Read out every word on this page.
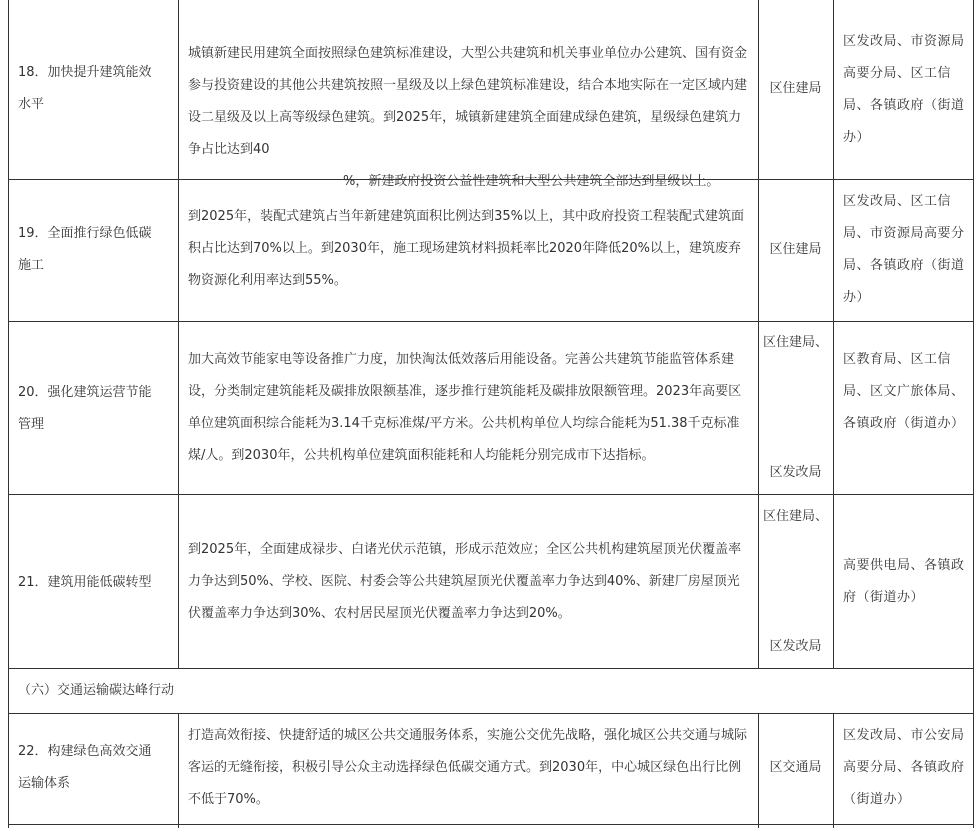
18．加快提升建筑能效水平

城镇新建民用建筑全面按照绿色建筑标准建设，大型公共建筑和机关事业单位办公建筑、国有资金参与投资建设的其他公共建筑按照一星级及以上绿色建筑标准建设，结合本地实际在一定区域内建设二星级及以上高等级绿色建筑。到2025年，城镇新建建筑全面建成绿色建筑，星级绿色建筑力争占比达到40

%，新建政府投资公益性建筑和大型公共建筑全部达到星级以上。

区住建局
区发改局、市资源局高要分局、区工信局、各镇政府（街道办）
19．全面推行绿色低碳施工
到2025年，装配式建筑占当年新建建筑面积比例达到35%以上，其中政府投资工程装配式建筑面积占比达到70%以上。到2030年，施工现场建筑材料损耗率比2020年降低20%以上，建筑废弃物资源化利用率达到55%。
区住建局
区发改局、区工信局、市资源局高要分局、各镇政府（街道办）
20．强化建筑运营节能管理
加大高效节能家电等设备推广力度，加快淘汰低效落后用能设备。完善公共建筑节能监管体系建设，分类制定建筑能耗及碳排放限额基准，逐步推行建筑能耗及碳排放限额管理。2023年高要区单位建筑面积综合能耗为3.14千克标准煤/平方米。公共机构单位人均综合能耗为51.38千克标准煤/人。到2030年，公共机构单位建筑面积能耗和人均能耗分别完成市下达指标。
区住建局、
区发改局
区教育局、区工信局、区文广旅体局、各镇政府（街道办）
21．建筑用能低碳转型
到2025年，全面建成禄步、白诸光伏示范镇，形成示范效应；全区公共机构建筑屋顶光伏覆盖率力争达到50%、学校、医院、村委会等公共建筑屋顶光伏覆盖率力争达到40%、新建厂房屋顶光伏覆盖率力争达到30%、农村居民屋顶光伏覆盖率力争达到20%。
区住建局、
区发改局
高要供电局、各镇政府（街道办）
（六）交通运输碳达峰行动
22．构建绿色高效交通运输体系
打造高效衔接、快捷舒适的城区公共交通服务体系，实施公交优先战略，强化城区公共交通与城际客运的无缝衔接，积极引导公众主动选择绿色低碳交通方式。到2030年，中心城区绿色出行比例不低于70%。
区交通局
区发改局、市公安局高要分局、各镇政府（街道办）
